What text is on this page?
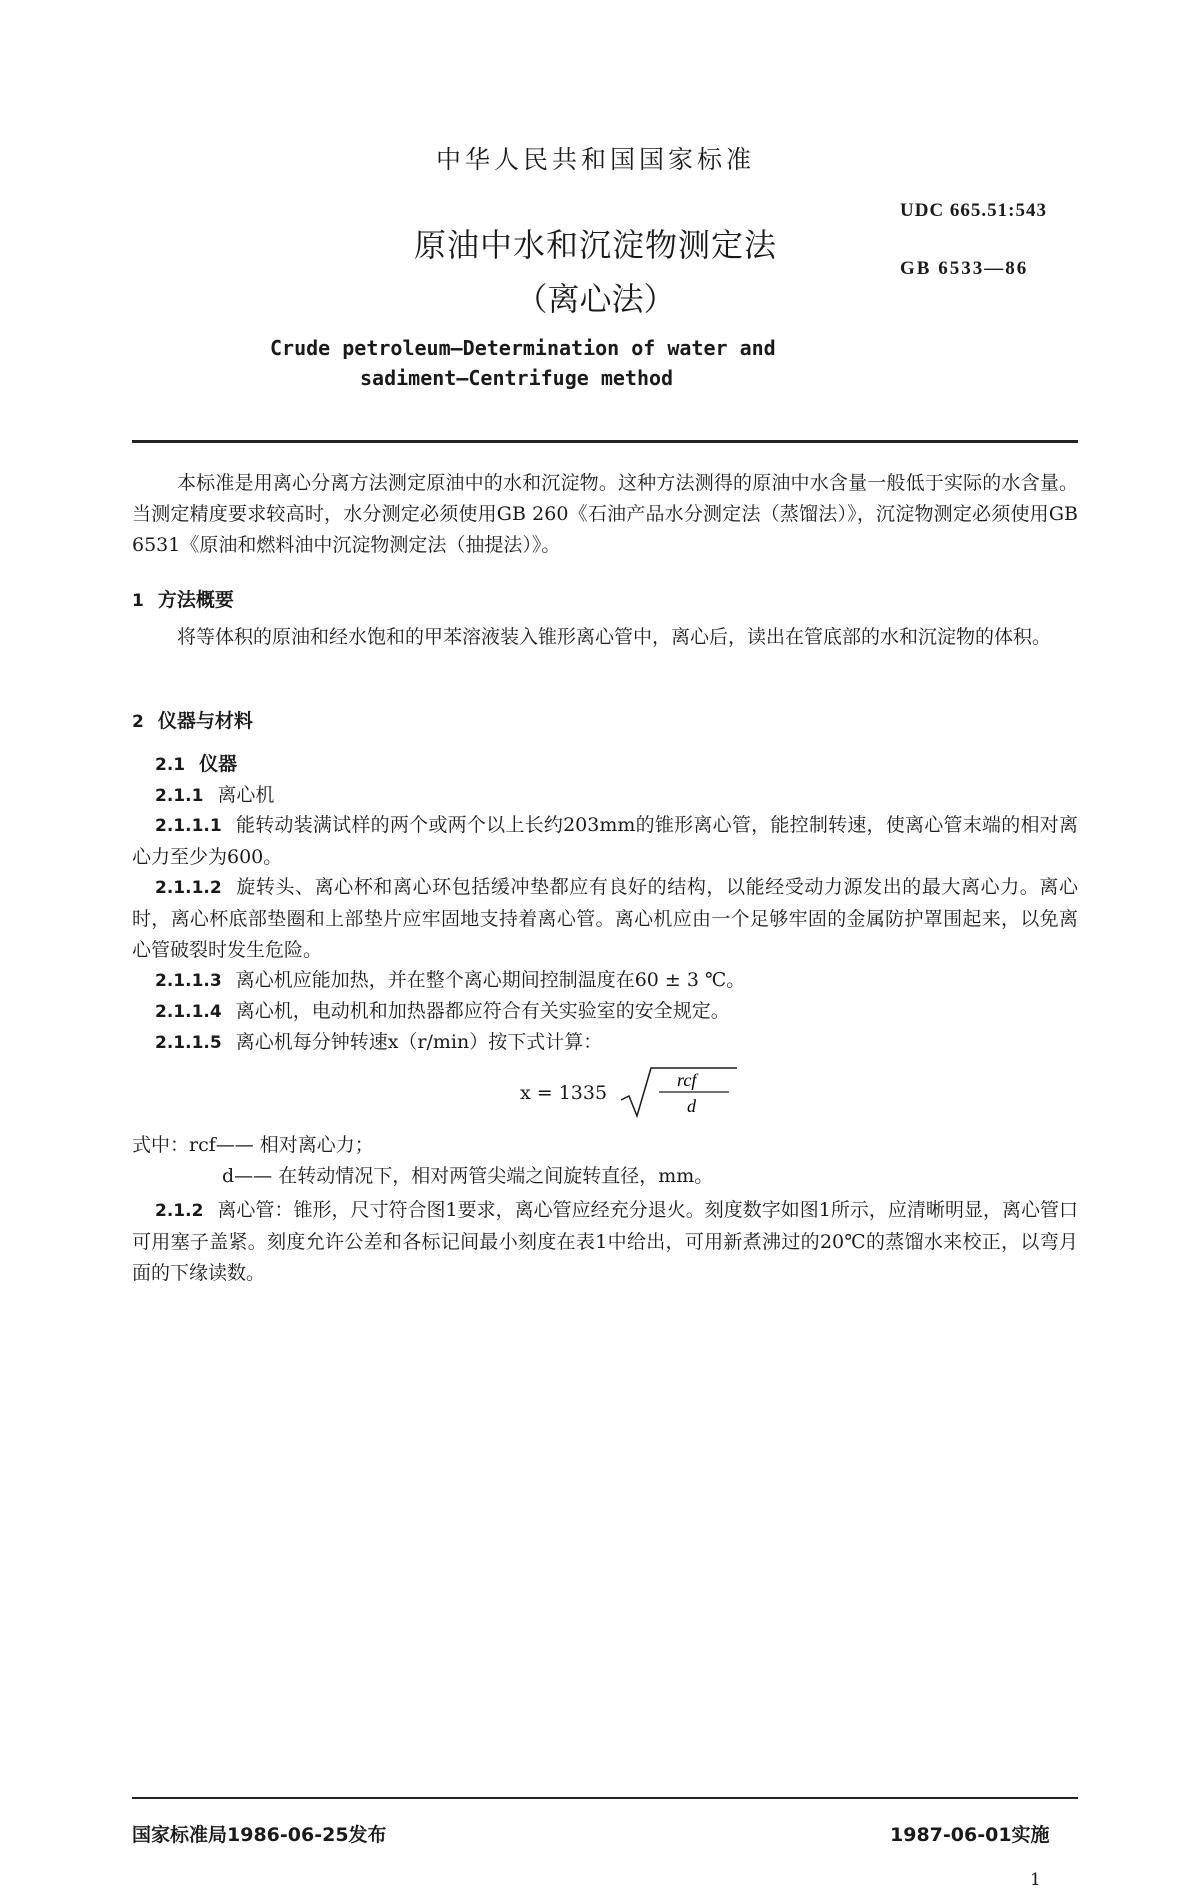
中华人民共和国国家标准
UDC 665.51:543
原油中水和沉淀物测定法
GB 6533—86
（离心法）
Crude petroleum—Determination of water and
sadiment—Centrifuge method
本标准是用离心分离方法测定原油中的水和沉淀物。这种方法测得的原油中水含量一般低于实际的水含量。当测定精度要求较高时，水分测定必须使用GB 260《石油产品水分测定法（蒸馏法）》，沉淀物测定必须使用GB 6531《原油和燃料油中沉淀物测定法（抽提法）》。
1 方法概要
将等体积的原油和经水饱和的甲苯溶液装入锥形离心管中，离心后，读出在管底部的水和沉淀物的体积。
2 仪器与材料
2.1 仪器
2.1.1 离心机
2.1.1.1 能转动装满试样的两个或两个以上长约203mm的锥形离心管，能控制转速，使离心管末端的相对离心力至少为600。
2.1.1.2 旋转头、离心杯和离心环包括缓冲垫都应有良好的结构，以能经受动力源发出的最大离心力。离心时，离心杯底部垫圈和上部垫片应牢固地支持着离心管。离心机应由一个足够牢固的金属防护罩围起来，以免离心管破裂时发生危险。
2.1.1.3 离心机应能加热，并在整个离心期间控制温度在60 ± 3 ℃。
2.1.1.4 离心机，电动机和加热器都应符合有关实验室的安全规定。
2.1.1.5 离心机每分钟转速x（r/min）按下式计算：
x = 1335
rcf
d
式中：rcf—— 相对离心力；
d—— 在转动情况下，相对两管尖端之间旋转直径，mm。
2.1.2 离心管：锥形，尺寸符合图1要求，离心管应经充分退火。刻度数字如图1所示，应清晰明显，离心管口可用塞子盖紧。刻度允许公差和各标记间最小刻度在表1中给出，可用新煮沸过的20℃的蒸馏水来校正，以弯月面的下缘读数。
国家标准局1986-06-25发布	1987-06-01实施
1
